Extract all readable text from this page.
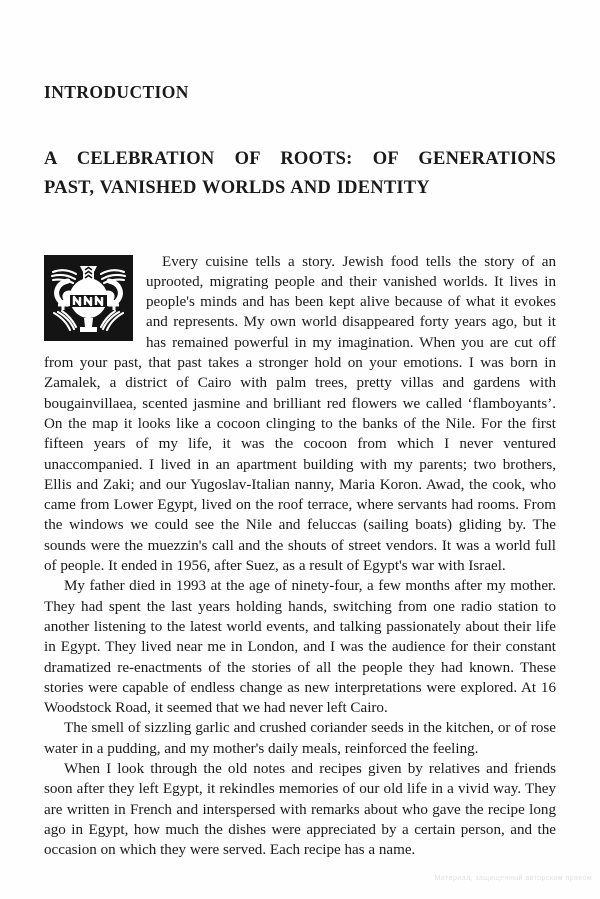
INTRODUCTION
A CELEBRATION OF ROOTS: OF GENERATIONS
PAST, VANISHED WORLDS AND IDENTITY

Every cuisine tells a story. Jewish food tells the story of an uprooted, migrating people and their vanished worlds. It lives in people's minds and has been kept alive because of what it evokes and represents. My own world disappeared forty years ago, but it has remained powerful in my imagination. When you are cut off from your past, that past takes a stronger hold on your emotions. I was born in Zamalek, a district of Cairo with palm trees, pretty villas and gardens with bougainvillaea, scented jasmine and brilliant red flowers we called ‘flamboyants’. On the map it looks like a cocoon clinging to the banks of the Nile. For the first fifteen years of my life, it was the cocoon from which I never ventured unaccompanied. I lived in an apartment building with my parents; two brothers, Ellis and Zaki; and our Yugoslav-Italian nanny, Maria Koron. Awad, the cook, who came from Lower Egypt, lived on the roof terrace, where servants had rooms. From the windows we could see the Nile and feluccas (sailing boats) gliding by. The sounds were the muezzin's call and the shouts of street vendors. It was a world full of people. It ended in 1956, after Suez, as a result of Egypt's war with Israel.

My father died in 1993 at the age of ninety-four, a few months after my mother. They had spent the last years holding hands, switching from one radio station to another listening to the latest world events, and talking passionately about their life in Egypt. They lived near me in London, and I was the audience for their constant dramatized re-enactments of the stories of all the people they had known. These stories were capable of endless change as new interpretations were explored. At 16 Woodstock Road, it seemed that we had never left Cairo.

The smell of sizzling garlic and crushed coriander seeds in the kitchen, or of rose water in a pudding, and my mother's daily meals, reinforced the feeling.

When I look through the old notes and recipes given by relatives and friends soon after they left Egypt, it rekindles memories of our old life in a vivid way. They are written in French and interspersed with remarks about who gave the recipe long ago in Egypt, how much the dishes were appreciated by a certain person, and the occasion on which they were served. Each recipe has a name.

Материал, защищенный авторским правом
